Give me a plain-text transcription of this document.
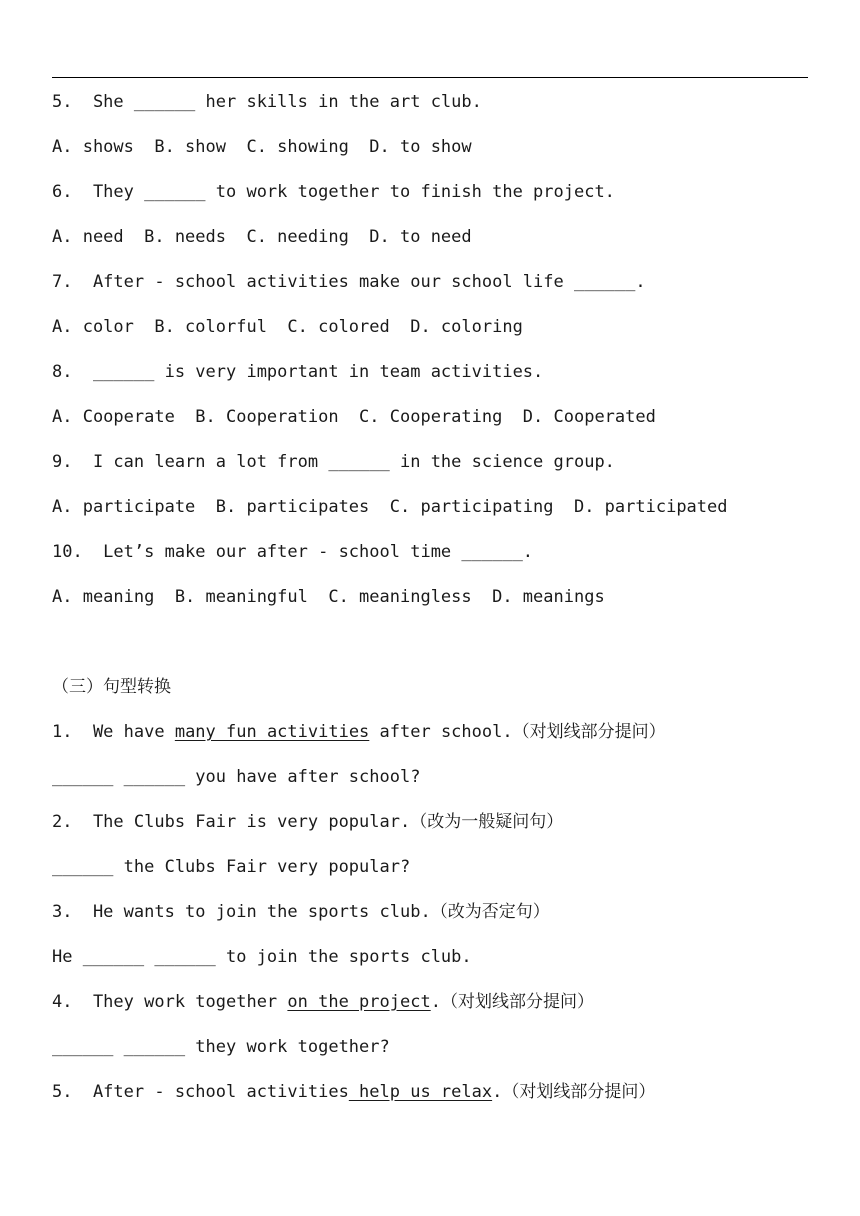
5.  She ______ her skills in the art club.
A. shows  B. show  C. showing  D. to show
6.  They ______ to work together to finish the project.
A. need  B. needs  C. needing  D. to need
7.  After - school activities make our school life ______.
A. color  B. colorful  C. colored  D. coloring
8.  ______ is very important in team activities.
A. Cooperate  B. Cooperation  C. Cooperating  D. Cooperated
9.  I can learn a lot from ______ in the science group.
A. participate  B. participates  C. participating  D. participated
10.  Let’s make our after - school time ______.
A. meaning  B. meaningful  C. meaningless  D. meanings
（三）句型转换
1.  We have many fun activities after school.（对划线部分提问）
______ ______ you have after school?
2.  The Clubs Fair is very popular.（改为一般疑问句）
______ the Clubs Fair very popular?
3.  He wants to join the sports club.（改为否定句）
He ______ ______ to join the sports club.
4.  They work together on the project.（对划线部分提问）
______ ______ they work together?
5.  After - school activities help us relax.（对划线部分提问）
